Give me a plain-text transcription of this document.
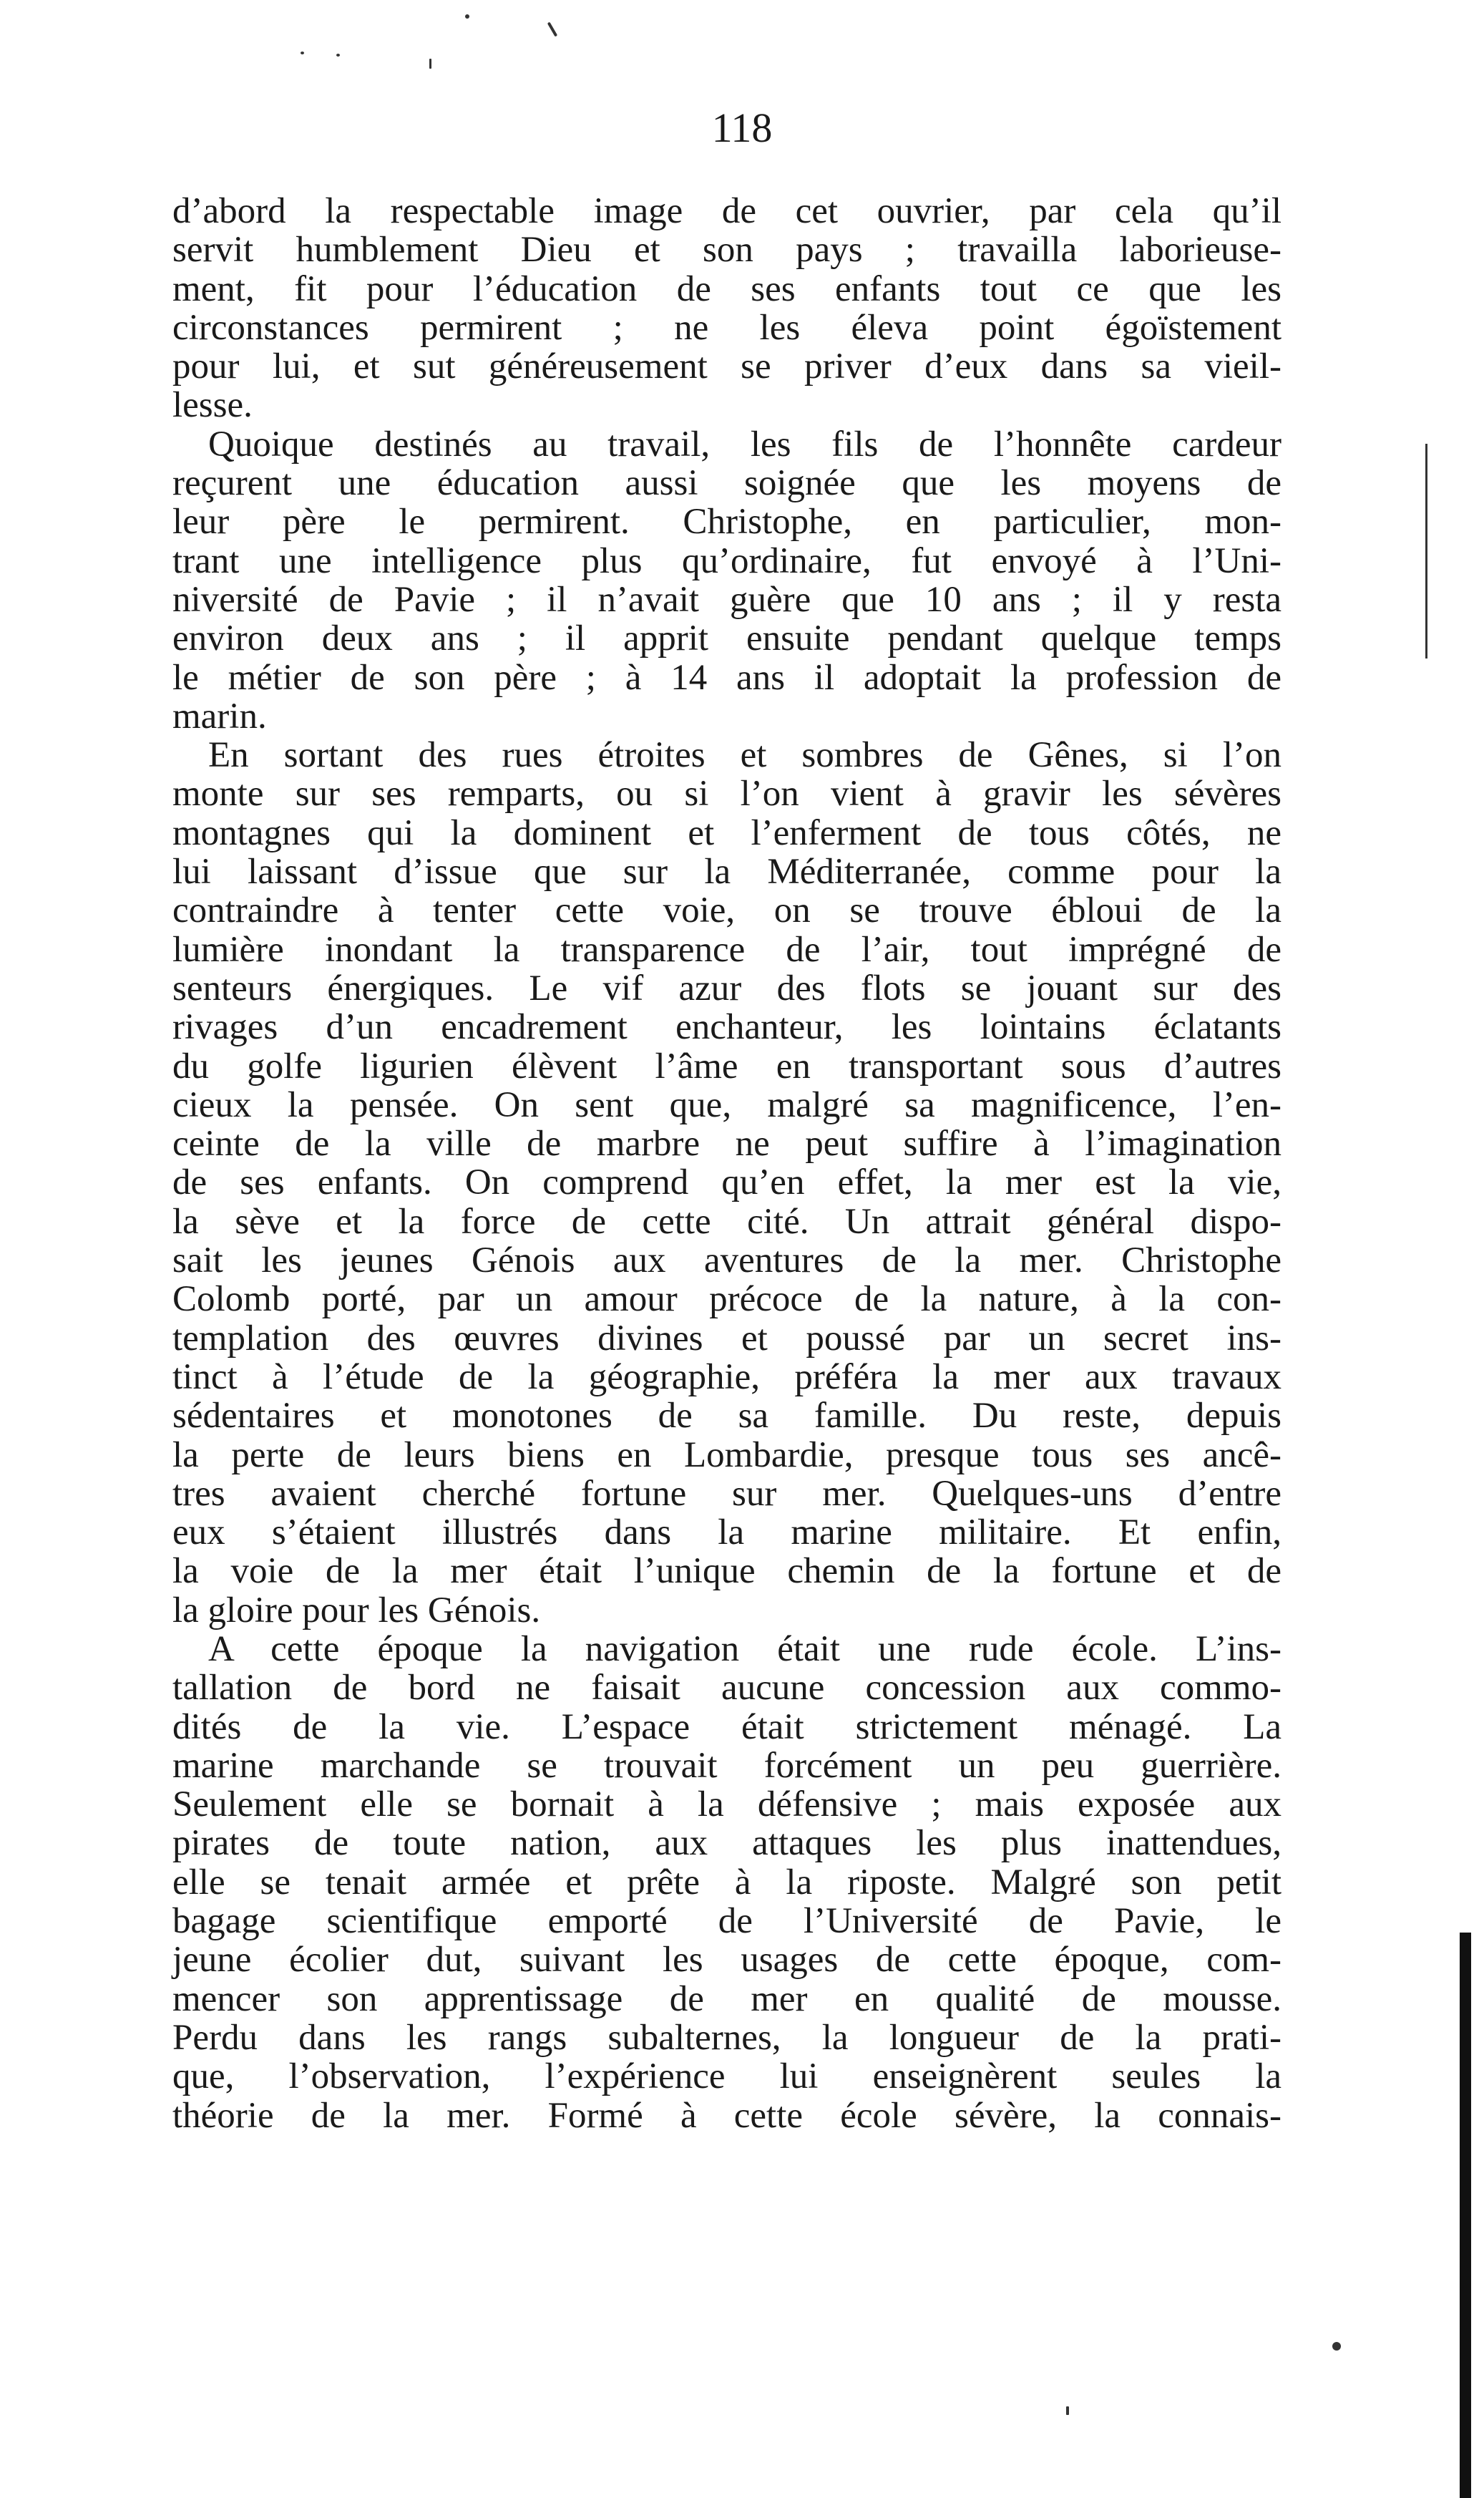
118
d’abord la respectable image de cet ouvrier, par cela qu’il
servit humblement Dieu et son pays ; travailla laborieuse-
ment, fit pour l’éducation de ses enfants tout ce que les
circonstances permirent ; ne les éleva point égoïstement
pour lui, et sut généreusement se priver d’eux dans sa vieil-
lesse.
Quoique destinés au travail, les fils de l’honnête cardeur
reçurent une éducation aussi soignée que les moyens de
leur père le permirent. Christophe, en particulier, mon-
trant une intelligence plus qu’ordinaire, fut envoyé à l’Uni-
niversité de Pavie ; il n’avait guère que 10 ans ; il y resta
environ deux ans ; il apprit ensuite pendant quelque temps
le métier de son père ; à 14 ans il adoptait la profession de
marin.
En sortant des rues étroites et sombres de Gênes, si l’on
monte sur ses remparts, ou si l’on vient à gravir les sévères
montagnes qui la dominent et l’enferment de tous côtés, ne
lui laissant d’issue que sur la Méditerranée, comme pour la
contraindre à tenter cette voie, on se trouve ébloui de la
lumière inondant la transparence de l’air, tout imprégné de
senteurs énergiques. Le vif azur des flots se jouant sur des
rivages d’un encadrement enchanteur, les lointains éclatants
du golfe ligurien élèvent l’âme en transportant sous d’autres
cieux la pensée. On sent que, malgré sa magnificence, l’en-
ceinte de la ville de marbre ne peut suffire à l’imagination
de ses enfants. On comprend qu’en effet, la mer est la vie,
la sève et la force de cette cité. Un attrait général dispo-
sait les jeunes Génois aux aventures de la mer. Christophe
Colomb porté, par un amour précoce de la nature, à la con-
templation des œuvres divines et poussé par un secret ins-
tinct à l’étude de la géographie, préféra la mer aux travaux
sédentaires et monotones de sa famille. Du reste, depuis
la perte de leurs biens en Lombardie, presque tous ses ancê-
tres avaient cherché fortune sur mer. Quelques-uns d’entre
eux s’étaient illustrés dans la marine militaire. Et enfin,
la voie de la mer était l’unique chemin de la fortune et de
la gloire pour les Génois.
A cette époque la navigation était une rude école. L’ins-
tallation de bord ne faisait aucune concession aux commo-
dités de la vie. L’espace était strictement ménagé. La
marine marchande se trouvait forcément un peu guerrière.
Seulement elle se bornait à la défensive ; mais exposée aux
pirates de toute nation, aux attaques les plus inattendues,
elle se tenait armée et prête à la riposte. Malgré son petit
bagage scientifique emporté de l’Université de Pavie, le
jeune écolier dut, suivant les usages de cette époque, com-
mencer son apprentissage de mer en qualité de mousse.
Perdu dans les rangs subalternes, la longueur de la prati-
que, l’observation, l’expérience lui enseignèrent seules la
théorie de la mer. Formé à cette école sévère, la connais-
